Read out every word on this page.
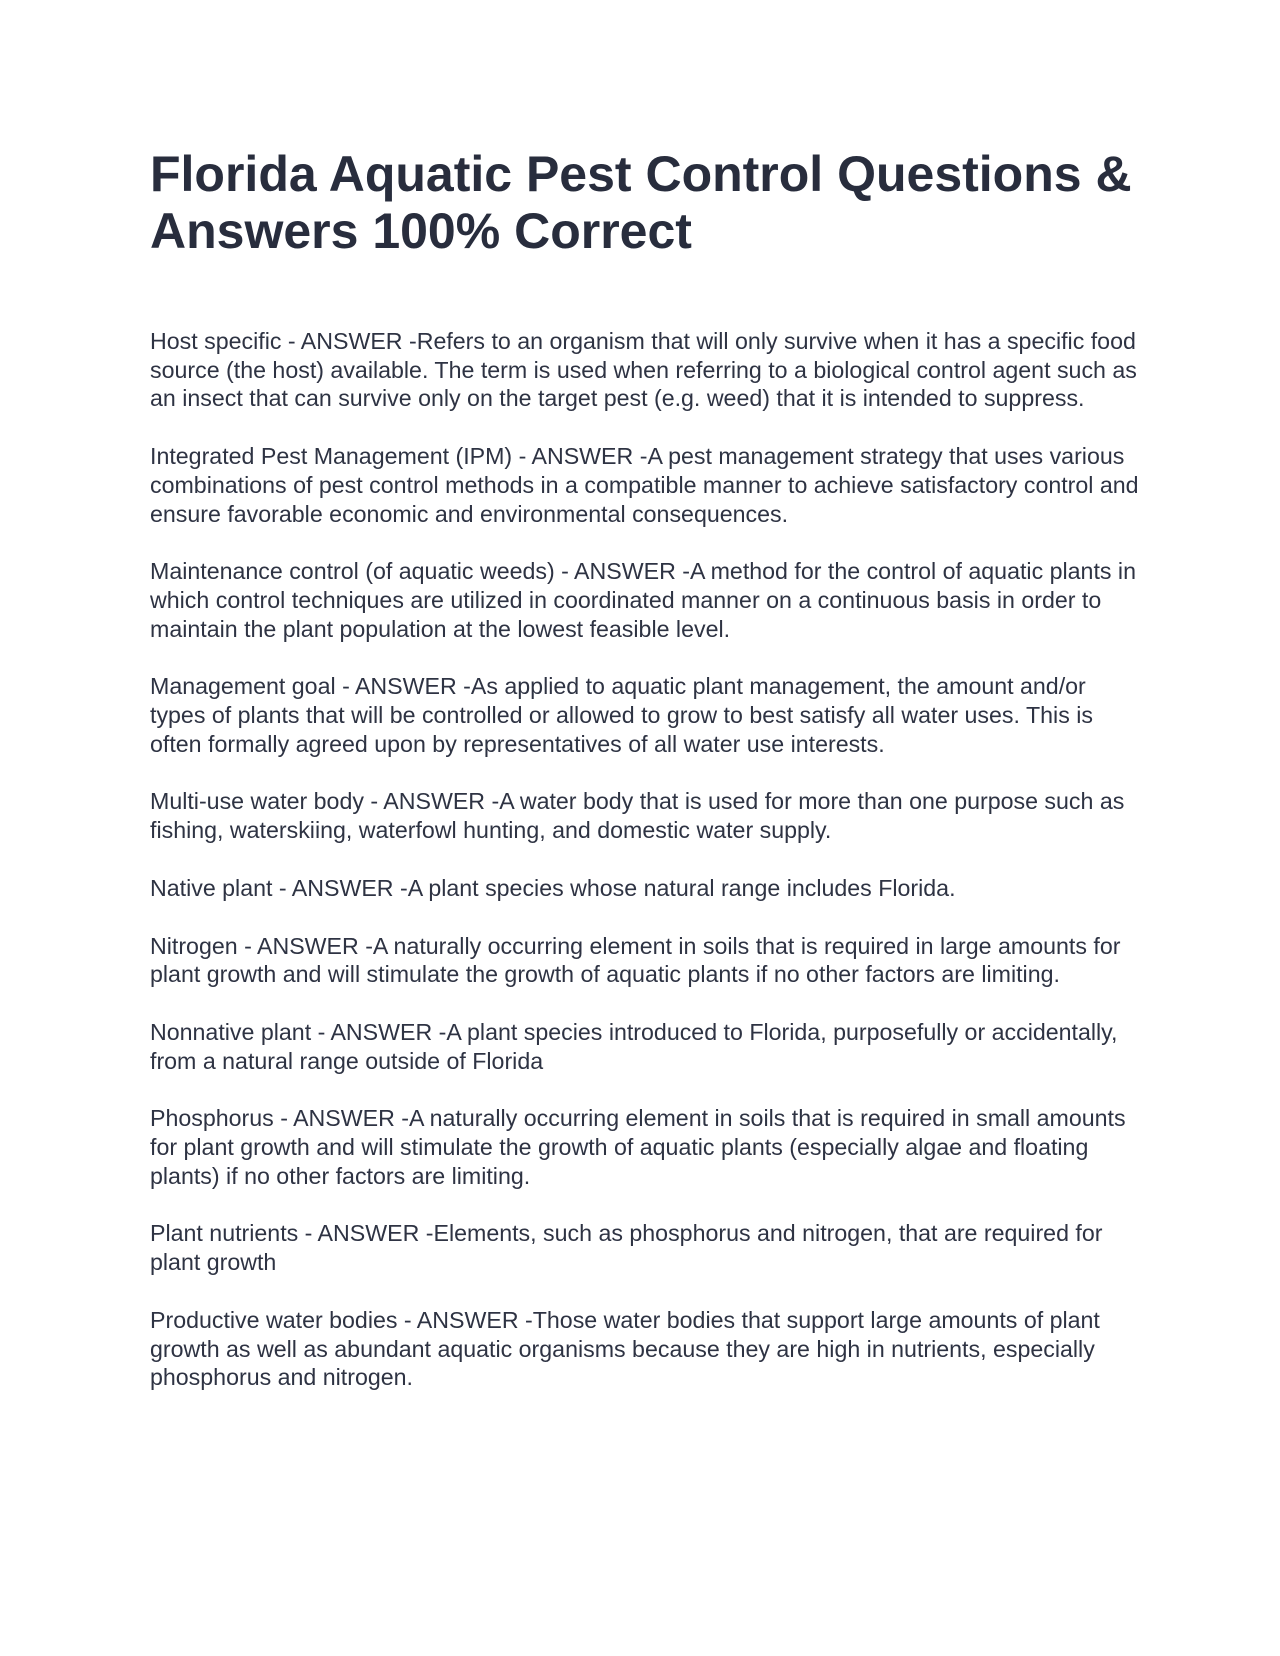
Florida Aquatic Pest Control Questions & Answers 100% Correct

Host specific - ANSWER -Refers to an organism that will only survive when it has a specific food source (the host) available. The term is used when referring to a biological control agent such as an insect that can survive only on the target pest (e.g. weed) that it is intended to suppress.

Integrated Pest Management (IPM) - ANSWER -A pest management strategy that uses various combinations of pest control methods in a compatible manner to achieve satisfactory control and ensure favorable economic and environmental consequences.

Maintenance control (of aquatic weeds) - ANSWER -A method for the control of aquatic plants in which control techniques are utilized in coordinated manner on a continuous basis in order to maintain the plant population at the lowest feasible level.

Management goal - ANSWER -As applied to aquatic plant management, the amount and/or types of plants that will be controlled or allowed to grow to best satisfy all water uses. This is often formally agreed upon by representatives of all water use interests.

Multi-use water body - ANSWER -A water body that is used for more than one purpose such as fishing, waterskiing, waterfowl hunting, and domestic water supply.

Native plant - ANSWER -A plant species whose natural range includes Florida.

Nitrogen - ANSWER -A naturally occurring element in soils that is required in large amounts for plant growth and will stimulate the growth of aquatic plants if no other factors are limiting.

Nonnative plant - ANSWER -A plant species introduced to Florida, purposefully or accidentally, from a natural range outside of Florida

Phosphorus - ANSWER -A naturally occurring element in soils that is required in small amounts for plant growth and will stimulate the growth of aquatic plants (especially algae and floating plants) if no other factors are limiting.

Plant nutrients - ANSWER -Elements, such as phosphorus and nitrogen, that are required for plant growth

Productive water bodies - ANSWER -Those water bodies that support large amounts of plant growth as well as abundant aquatic organisms because they are high in nutrients, especially phosphorus and nitrogen.
